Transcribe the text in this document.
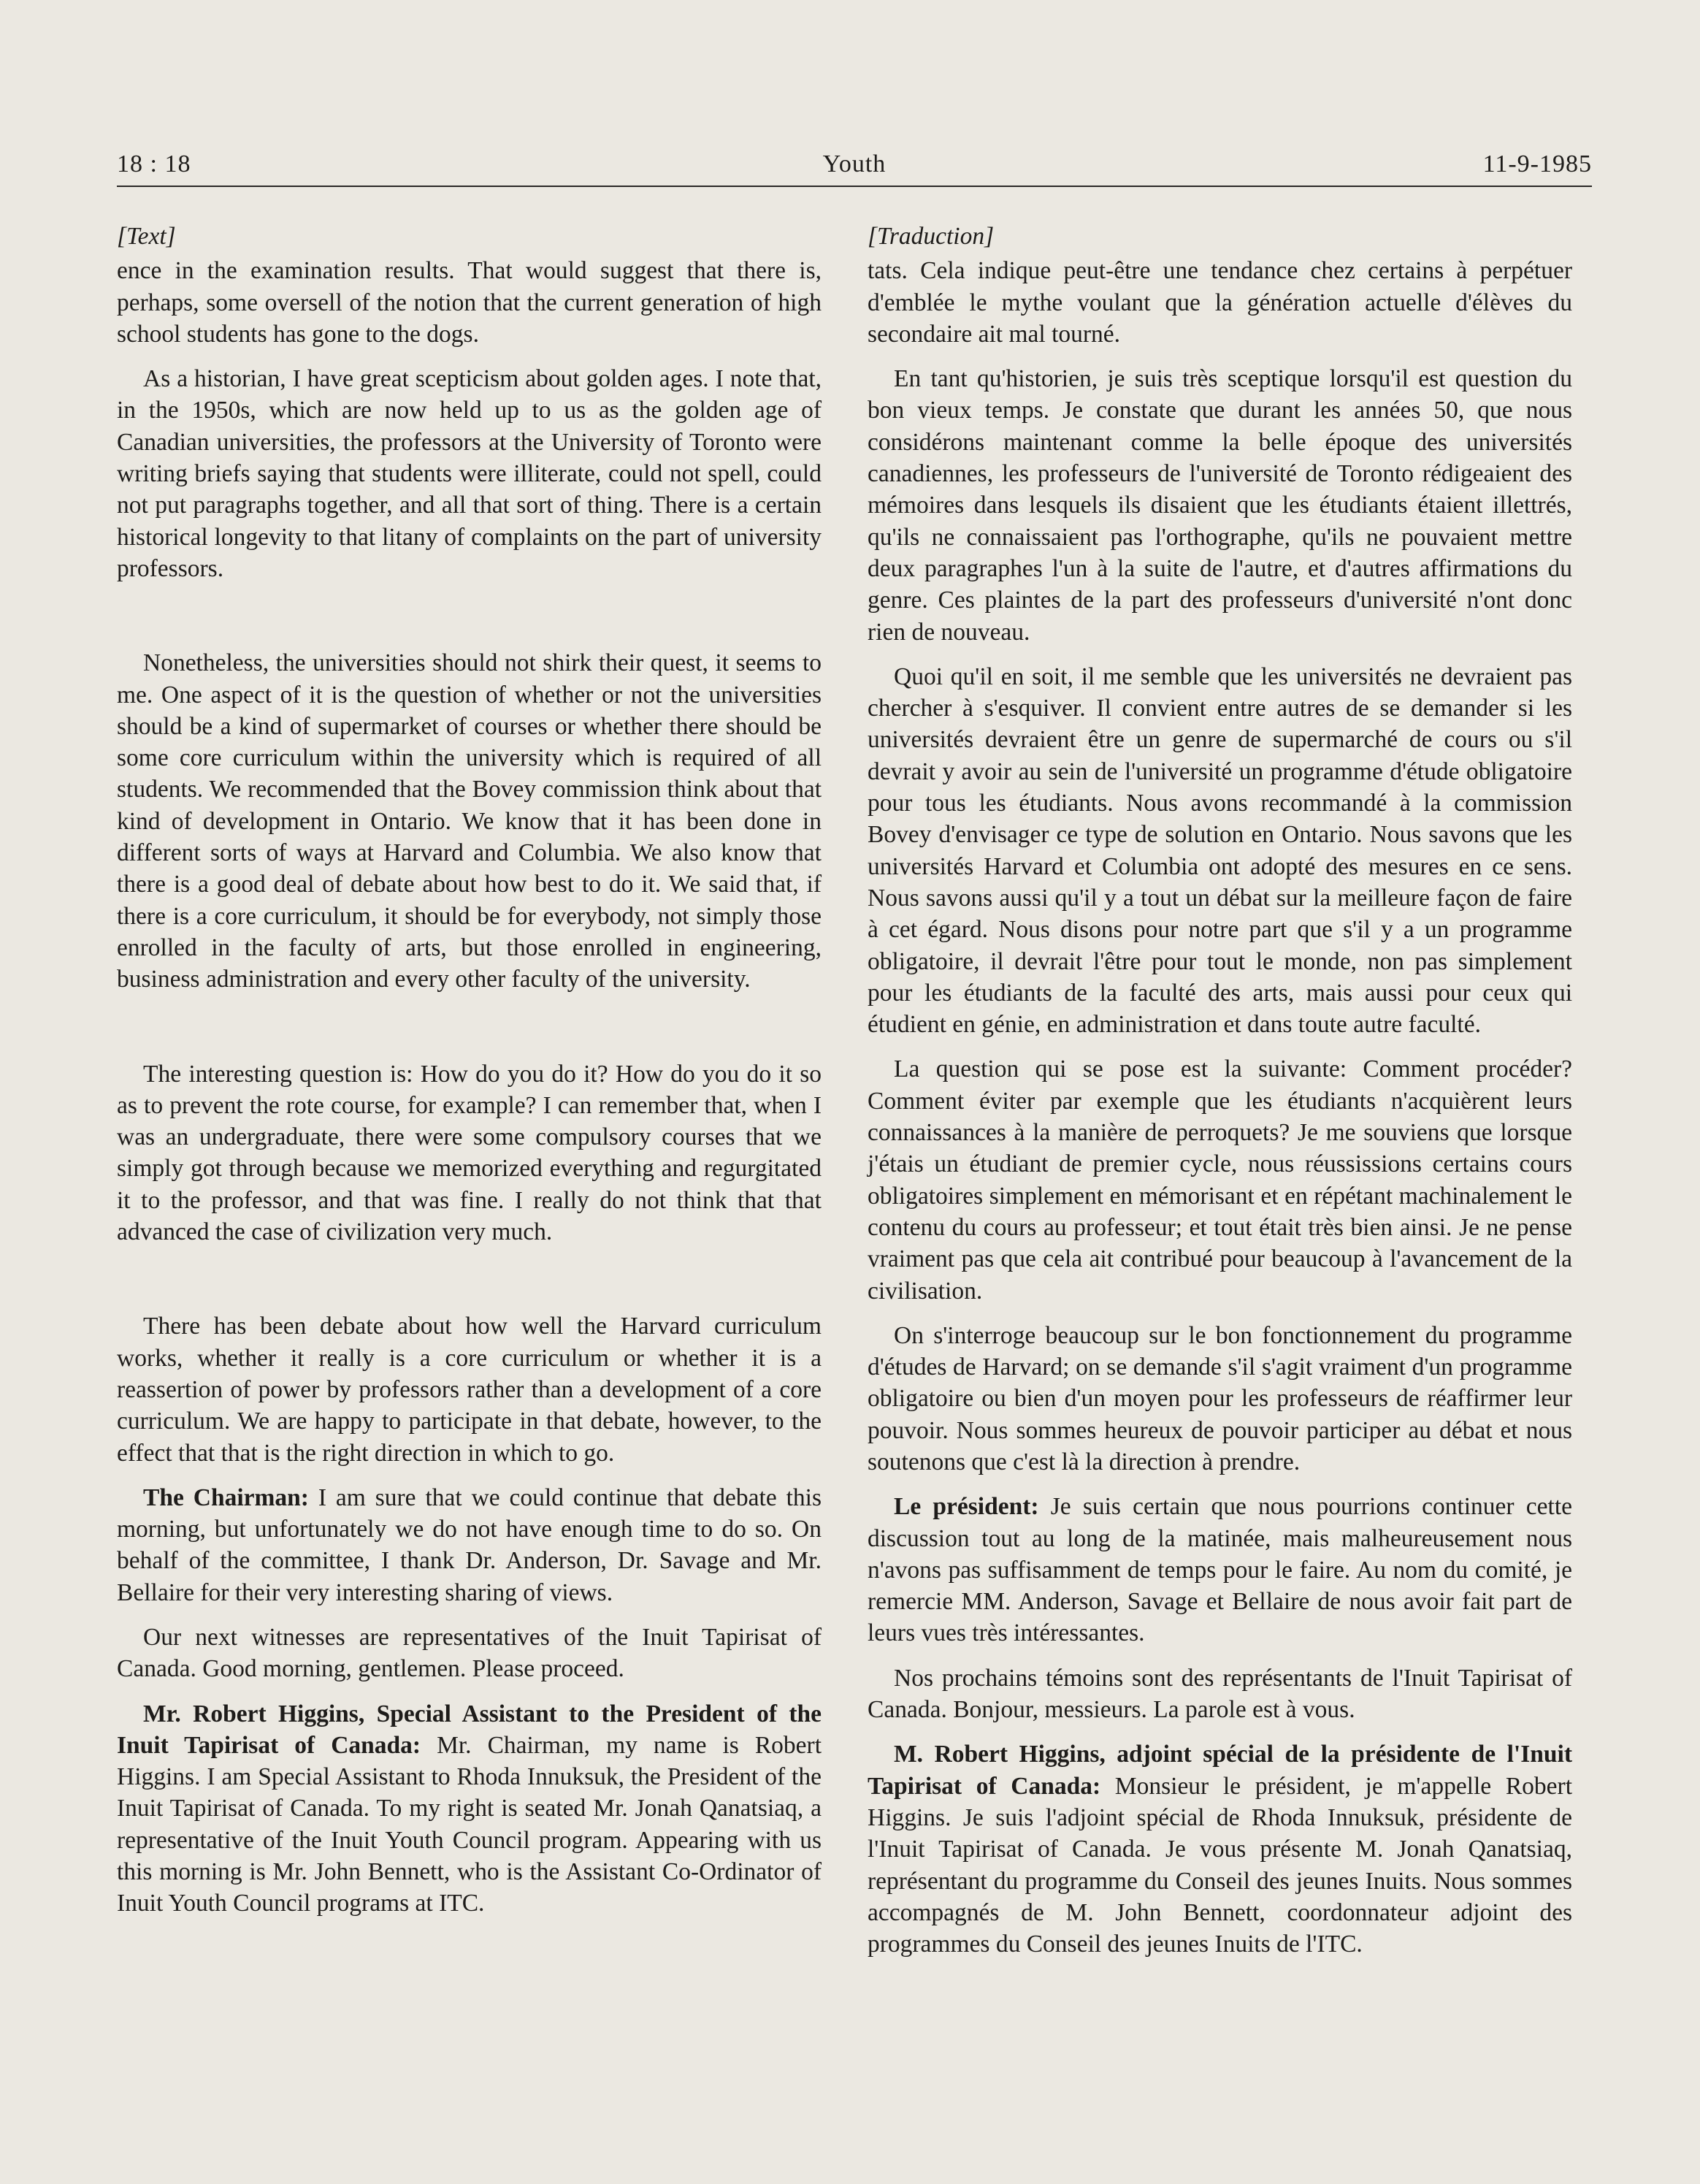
18 : 18	Youth	11-9-1985
[Text]

ence in the examination results. That would suggest that there is, perhaps, some oversell of the notion that the current generation of high school students has gone to the dogs.

As a historian, I have great scepticism about golden ages. I note that, in the 1950s, which are now held up to us as the golden age of Canadian universities, the professors at the University of Toronto were writing briefs saying that students were illiterate, could not spell, could not put paragraphs together, and all that sort of thing. There is a certain historical longevity to that litany of complaints on the part of university professors.

Nonetheless, the universities should not shirk their quest, it seems to me. One aspect of it is the question of whether or not the universities should be a kind of supermarket of courses or whether there should be some core curriculum within the university which is required of all students. We recommended that the Bovey commission think about that kind of development in Ontario. We know that it has been done in different sorts of ways at Harvard and Columbia. We also know that there is a good deal of debate about how best to do it. We said that, if there is a core curriculum, it should be for everybody, not simply those enrolled in the faculty of arts, but those enrolled in engineering, business administration and every other faculty of the university.

The interesting question is: How do you do it? How do you do it so as to prevent the rote course, for example? I can remember that, when I was an undergraduate, there were some compulsory courses that we simply got through because we memorized everything and regurgitated it to the professor, and that was fine. I really do not think that that advanced the case of civilization very much.

There has been debate about how well the Harvard curriculum works, whether it really is a core curriculum or whether it is a reassertion of power by professors rather than a development of a core curriculum. We are happy to participate in that debate, however, to the effect that that is the right direction in which to go.

The Chairman: I am sure that we could continue that debate this morning, but unfortunately we do not have enough time to do so. On behalf of the committee, I thank Dr. Anderson, Dr. Savage and Mr. Bellaire for their very interesting sharing of views.

Our next witnesses are representatives of the Inuit Tapirisat of Canada. Good morning, gentlemen. Please proceed.

Mr. Robert Higgins, Special Assistant to the President of the Inuit Tapirisat of Canada: Mr. Chairman, my name is Robert Higgins. I am Special Assistant to Rhoda Innuksuk, the President of the Inuit Tapirisat of Canada. To my right is seated Mr. Jonah Qanatsiaq, a representative of the Inuit Youth Council program. Appearing with us this morning is Mr. John Bennett, who is the Assistant Co-Ordinator of Inuit Youth Council programs at ITC.

[Traduction]

tats. Cela indique peut-être une tendance chez certains à perpétuer d'emblée le mythe voulant que la génération actuelle d'élèves du secondaire ait mal tourné.

En tant qu'historien, je suis très sceptique lorsqu'il est question du bon vieux temps. Je constate que durant les années 50, que nous considérons maintenant comme la belle époque des universités canadiennes, les professeurs de l'université de Toronto rédigeaient des mémoires dans lesquels ils disaient que les étudiants étaient illettrés, qu'ils ne connaissaient pas l'orthographe, qu'ils ne pouvaient mettre deux paragraphes l'un à la suite de l'autre, et d'autres affirmations du genre. Ces plaintes de la part des professeurs d'université n'ont donc rien de nouveau.

Quoi qu'il en soit, il me semble que les universités ne devraient pas chercher à s'esquiver. Il convient entre autres de se demander si les universités devraient être un genre de supermarché de cours ou s'il devrait y avoir au sein de l'université un programme d'étude obligatoire pour tous les étudiants. Nous avons recommandé à la commission Bovey d'envisager ce type de solution en Ontario. Nous savons que les universités Harvard et Columbia ont adopté des mesures en ce sens. Nous savons aussi qu'il y a tout un débat sur la meilleure façon de faire à cet égard. Nous disons pour notre part que s'il y a un programme obligatoire, il devrait l'être pour tout le monde, non pas simplement pour les étudiants de la faculté des arts, mais aussi pour ceux qui étudient en génie, en administration et dans toute autre faculté.

La question qui se pose est la suivante: Comment procéder? Comment éviter par exemple que les étudiants n'acquièrent leurs connaissances à la manière de perroquets? Je me souviens que lorsque j'étais un étudiant de premier cycle, nous réussissions certains cours obligatoires simplement en mémorisant et en répétant machinalement le contenu du cours au professeur; et tout était très bien ainsi. Je ne pense vraiment pas que cela ait contribué pour beaucoup à l'avancement de la civilisation.

On s'interroge beaucoup sur le bon fonctionnement du programme d'études de Harvard; on se demande s'il s'agit vraiment d'un programme obligatoire ou bien d'un moyen pour les professeurs de réaffirmer leur pouvoir. Nous sommes heureux de pouvoir participer au débat et nous soutenons que c'est là la direction à prendre.

Le président: Je suis certain que nous pourrions continuer cette discussion tout au long de la matinée, mais malheureusement nous n'avons pas suffisamment de temps pour le faire. Au nom du comité, je remercie MM. Anderson, Savage et Bellaire de nous avoir fait part de leurs vues très intéressantes.

Nos prochains témoins sont des représentants de l'Inuit Tapirisat of Canada. Bonjour, messieurs. La parole est à vous.

M. Robert Higgins, adjoint spécial de la présidente de l'Inuit Tapirisat of Canada: Monsieur le président, je m'appelle Robert Higgins. Je suis l'adjoint spécial de Rhoda Innuksuk, présidente de l'Inuit Tapirisat of Canada. Je vous présente M. Jonah Qanatsiaq, représentant du programme du Conseil des jeunes Inuits. Nous sommes accompagnés de M. John Bennett, coordonnateur adjoint des programmes du Conseil des jeunes Inuits de l'ITC.
